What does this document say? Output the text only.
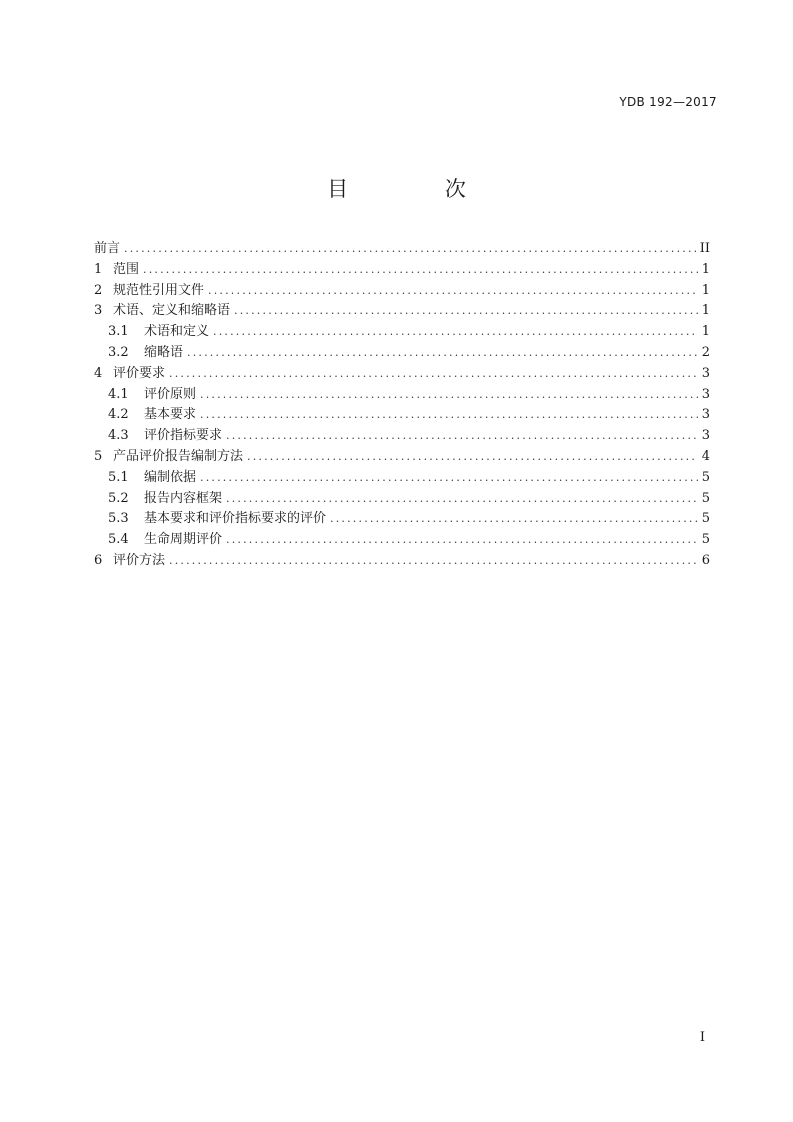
YDB 192—2017
目 次
前言 .....	II
1 范围 .....	1
2 规范性引用文件 .....	1
3 术语、定义和缩略语 .....	1
3.1	术语和定义 .....	1
3.2	缩略语 .....	2
4 评价要求 .....	3
4.1	评价原则 .....	3
4.2	基本要求 .....	3
4.3	评价指标要求 .....	3
5 产品评价报告编制方法 .....	4
5.1	编制依据 .....	5
5.2	报告内容框架 .....	5
5.3	基本要求和评价指标要求的评价 .....	5
5.4	生命周期评价 .....	5
6 评价方法 .....	6
I
